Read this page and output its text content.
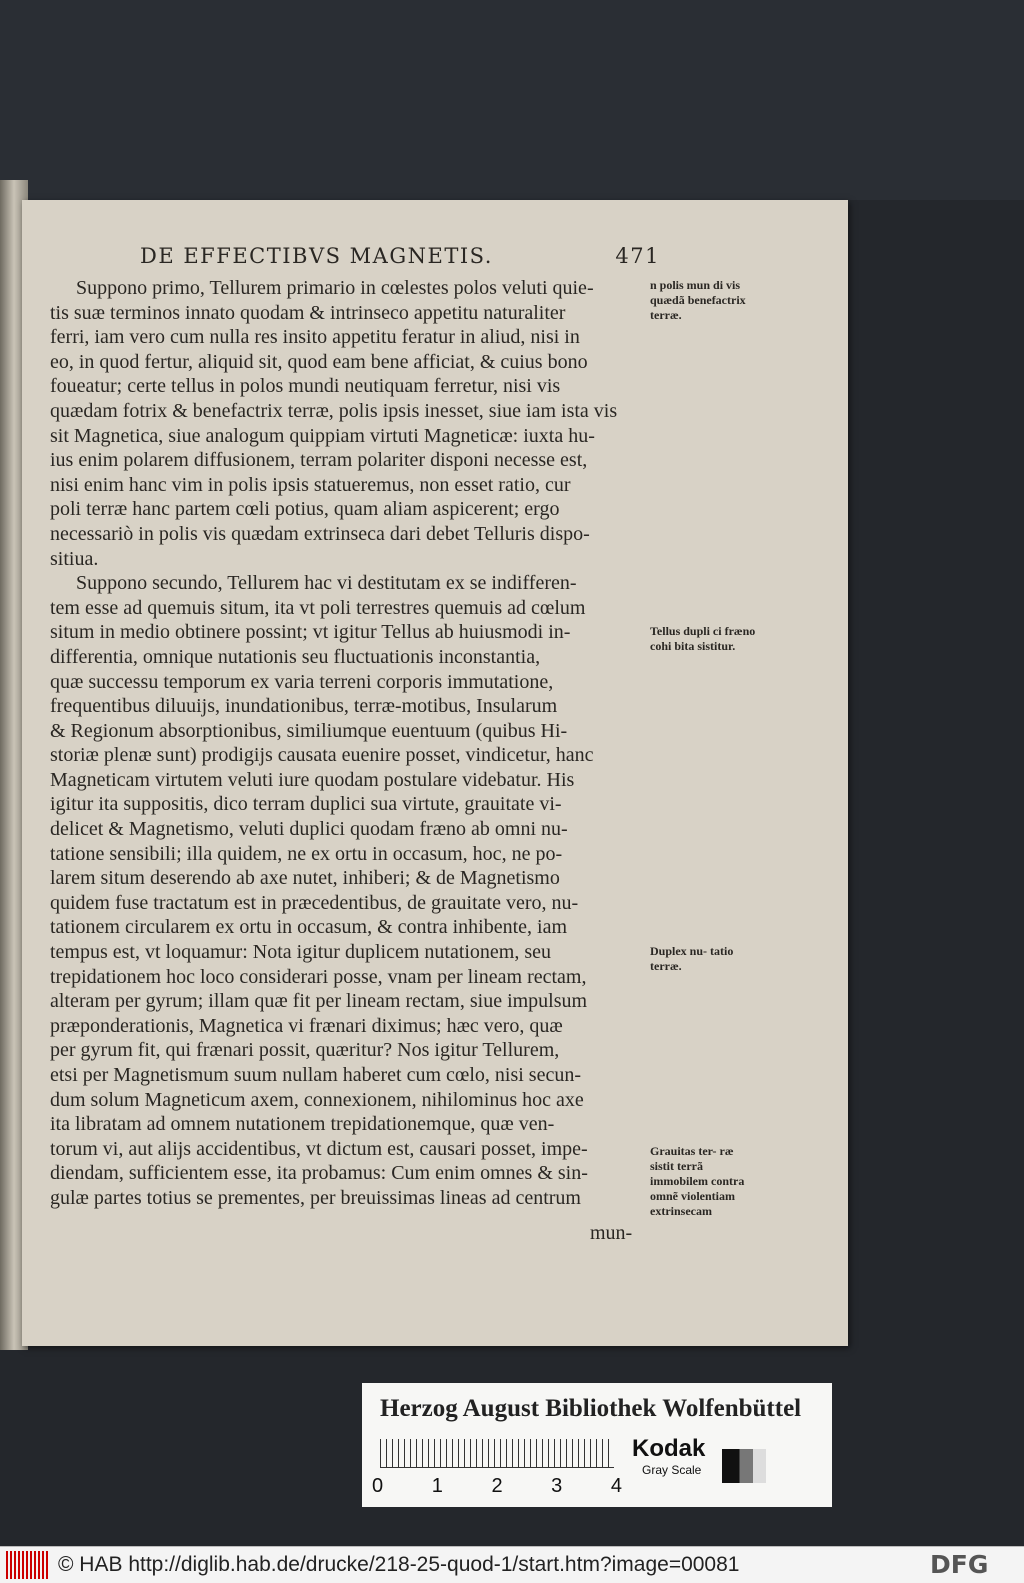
DE EFFECTIBVS MAGNETIS.	471

Suppono primo, Tellurem primario in cœlestes polos veluti quie-

tis suæ terminos innato quodam & intrinseco appetitu naturaliter

ferri, iam vero cum nulla res insito appetitu feratur in aliud, nisi in

eo, in quod fertur, aliquid sit, quod eam bene afficiat, & cuius bono

foueatur; certe tellus in polos mundi neutiquam ferretur, nisi vis

quædam fotrix & benefactrix terræ, polis ipsis inesset, siue iam ista vis

sit Magnetica, siue analogum quippiam virtuti Magneticæ: iuxta hu-

ius enim polarem diffusionem, terram polariter disponi necesse est,

nisi enim hanc vim in polis ipsis statueremus, non esset ratio, cur

poli terræ hanc partem cœli potius, quam aliam aspicerent; ergo

necessariò in polis vis quædam extrinseca dari debet Telluris dispo-

sitiua.

Suppono secundo, Tellurem hac vi destitutam ex se indifferen-

tem esse ad quemuis situm, ita vt poli terrestres quemuis ad cœlum

situm in medio obtinere possint; vt igitur Tellus ab huiusmodi in-

differentia, omnique nutationis seu fluctuationis inconstantia,

quæ successu temporum ex varia terreni corporis immutatione,

frequentibus diluuijs, inundationibus, terræ-motibus, Insularum

& Regionum absorptionibus, similiumque euentuum (quibus Hi-

storiæ plenæ sunt) prodigijs causata euenire posset, vindicetur, hanc

Magneticam virtutem veluti iure quodam postulare videbatur. His

igitur ita suppositis, dico terram duplici sua virtute, grauitate vi-

delicet & Magnetismo, veluti duplici quodam fræno ab omni nu-

tatione sensibili; illa quidem, ne ex ortu in occasum, hoc, ne po-

larem situm deserendo ab axe nutet, inhiberi; & de Magnetismo

quidem fuse tractatum est in præcedentibus, de grauitate vero, nu-

tationem circularem ex ortu in occasum, & contra inhibente, iam

tempus est, vt loquamur: Nota igitur duplicem nutationem, seu

trepidationem hoc loco considerari posse, vnam per lineam rectam,

alteram per gyrum; illam quæ fit per lineam rectam, siue impulsum

præponderationis, Magnetica vi frænari diximus; hæc vero, quæ

per gyrum fit, qui frænari possit, quæritur? Nos igitur Tellurem,

etsi per Magnetismum suum nullam haberet cum cœlo, nisi secun-

dum solum Magneticum axem, connexionem, nihilominus hoc axe

ita libratam ad omnem nutationem trepidationemque, quæ ven-

torum vi, aut alijs accidentibus, vt dictum est, causari posset, impe-

diendam, sufficientem esse, ita probamus: Cum enim omnes & sin-

gulæ partes totius se prementes, per breuissimas lineas ad centrum

mun-
n polis mun di vis quædã benefactrix terræ.
Tellus dupli ci fræno cohi bita sistitur.
Duplex nu- tatio terræ.
Grauitas ter- ræ sistit terrã immobilem contra omnẽ violentiam extrinsecam
Herzog August Bibliothek Wolfenbüttel
0 1 2 3 4
Kodak
Gray Scale
© HAB http://diglib.hab.de/drucke/218-25-quod-1/start.htm?image=00081	DFG
